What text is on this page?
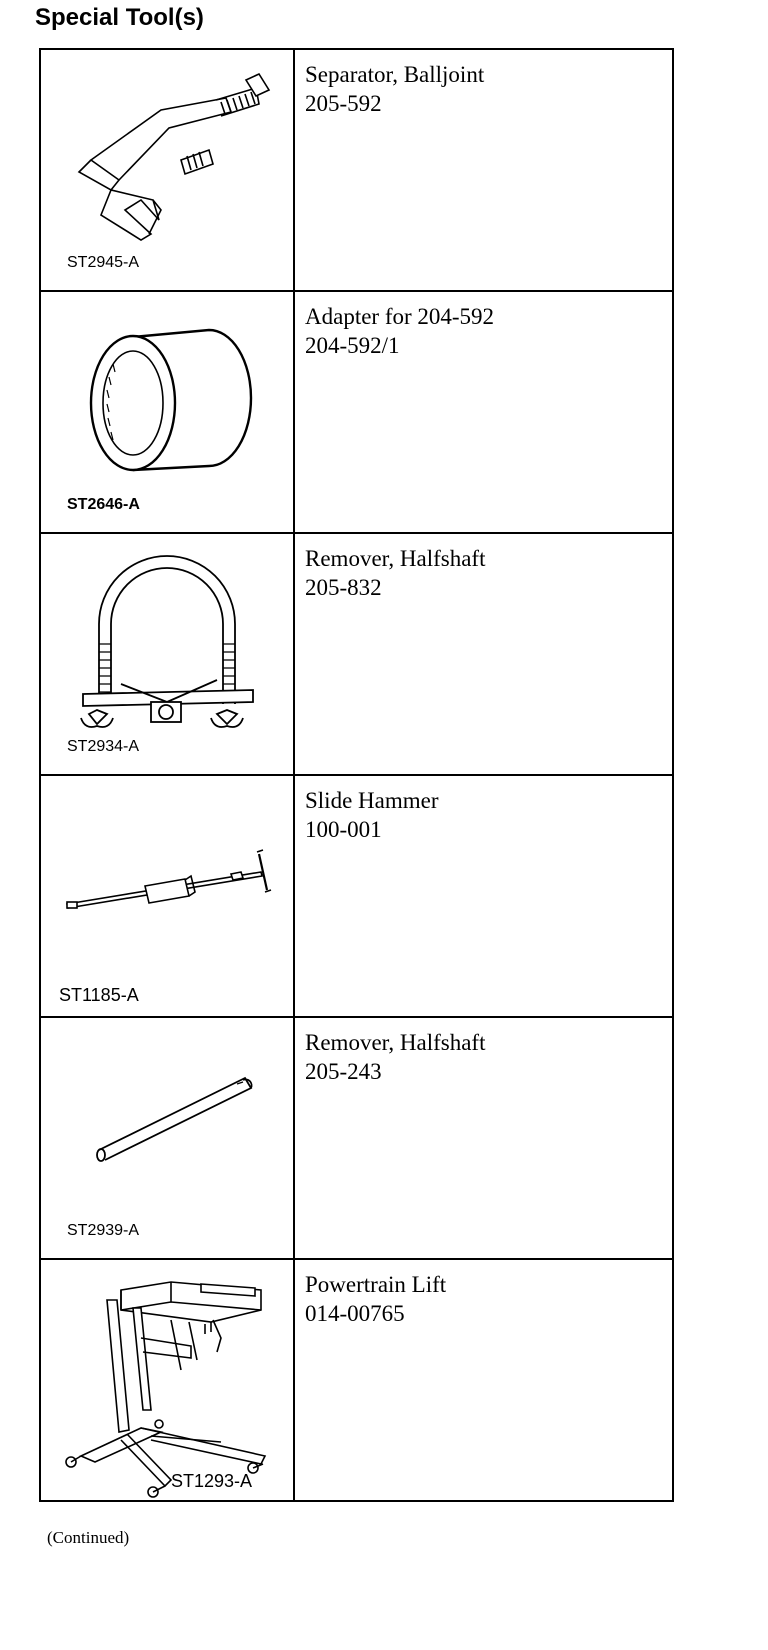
Special Tool(s)
ST2945-A	Separator, Balljoint
205-592

ST2646-A	Adapter for 204-592
204-592/1

ST2934-A	Remover, Halfshaft
205-832

ST1185-A	Slide Hammer
100-001

ST2939-A	Remover, Halfshaft
205-243

ST1293-A	Powertrain Lift
014-00765
(Continued)
